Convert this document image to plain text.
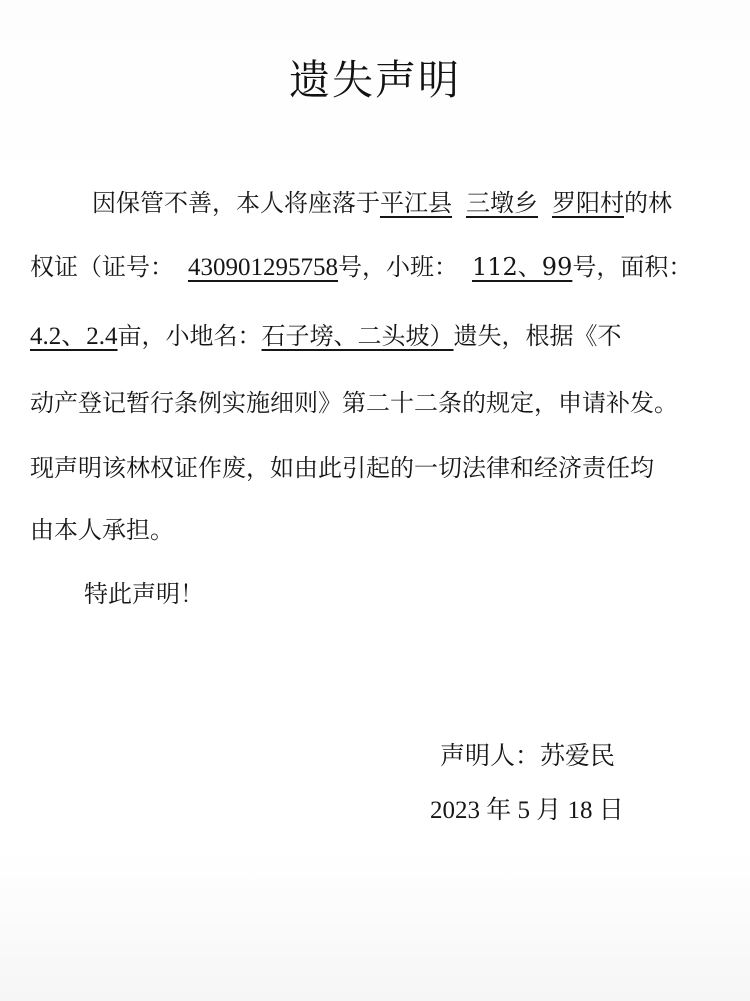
遗失声明
因保管不善，本人将座落于平江县 三墩乡 罗阳村的林
权证（证号： 430901295758号，小班： 112、99号，面积：
4.2、2.4亩，小地名：石子塝、二头坡）遗失，根据《不
动产登记暂行条例实施细则》第二十二条的规定，申请补发。
现声明该林权证作废，如由此引起的一切法律和经济责任均
由本人承担。
特此声明！
声明人：苏爱民
2023 年 5 月 18 日
